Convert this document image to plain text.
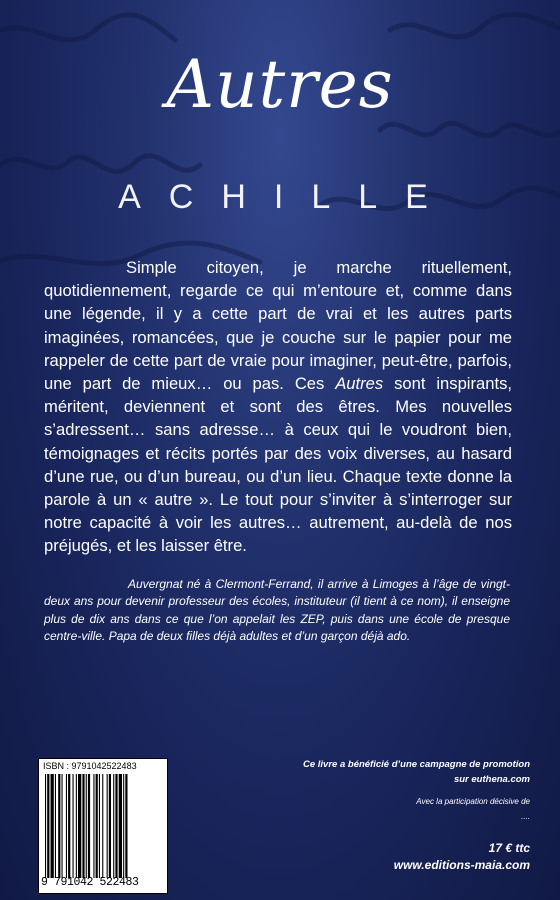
Autres
ACHILLE
Simple citoyen, je marche rituellement, quotidiennement, regarde ce qui m’entoure et, comme dans une légende, il y a cette part de vrai et les autres parts imaginées, romancées, que je couche sur le papier pour me rappeler de cette part de vraie pour imaginer, peut-être, parfois, une part de mieux… ou pas. Ces Autres sont inspirants, méritent, deviennent et sont des êtres. Mes nouvelles s’adressent… sans adresse… à ceux qui le voudront bien, témoignages et récits portés par des voix diverses, au hasard d’une rue, ou d’un bureau, ou d’un lieu. Chaque texte donne la parole à un « autre ». Le tout pour s’inviter à s’interroger sur notre capacité à voir les autres… autrement, au-delà de nos préjugés, et les laisser être.
Auvergnat né à Clermont-Ferrand, il arrive à Limoges à l’âge de vingt-deux ans pour devenir professeur des écoles, instituteur (il tient à ce nom), il enseigne plus de dix ans dans ce que l’on appelait les ZEP, puis dans une école de presque centre-ville. Papa de deux filles déjà adultes et d’un garçon déjà ado.
ISBN : 9791042522483
9 791042 522483
Ce livre a bénéficié d’une campagne de promotion
sur euthena.com
Avec la participation décisive de
....
17 € ttc
www.editions-maia.com
